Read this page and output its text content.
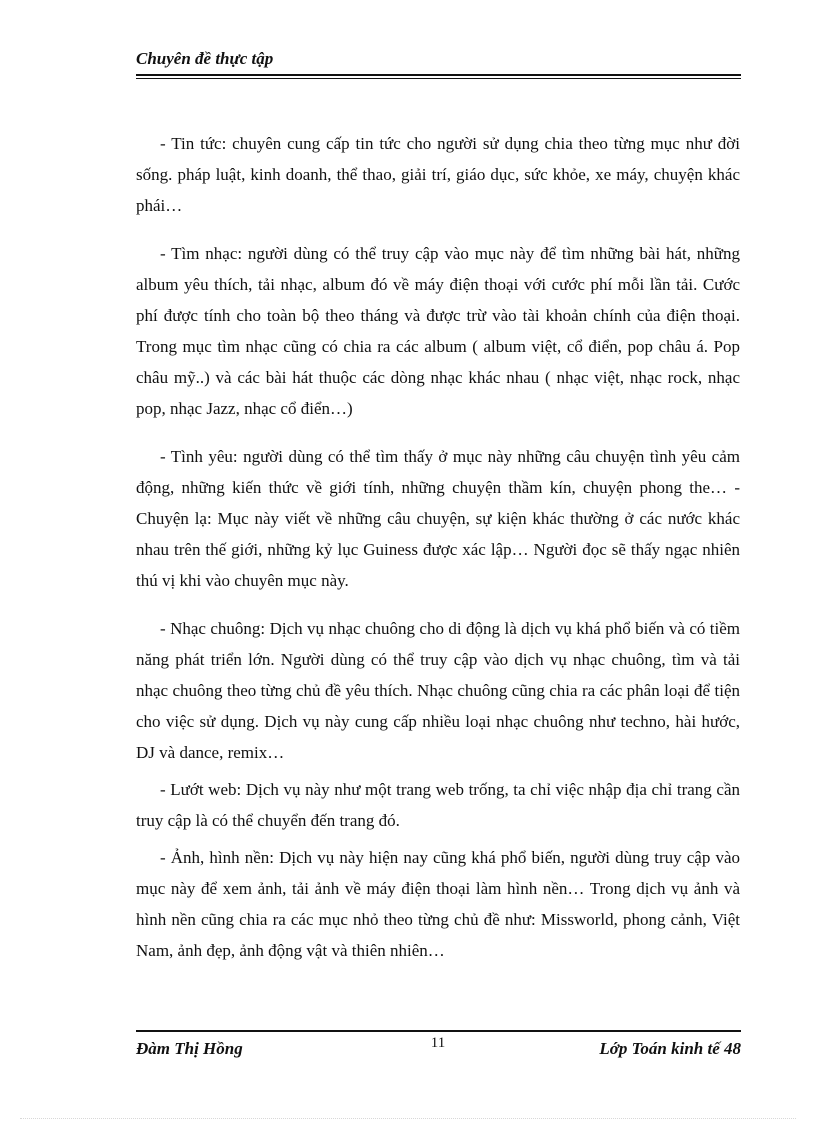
Chuyên đề thực tập

- Tin tức: chuyên cung cấp tin tức cho người sử dụng chia theo từng mục như đời sống. pháp luật, kinh doanh, thể thao, giải trí, giáo dục, sức khỏe, xe máy, chuyện khác phái…

- Tìm nhạc: người dùng có thể truy cập vào mục này để tìm những bài hát, những album yêu thích, tải nhạc, album đó về máy điện thoại với cước phí mỗi lần tải. Cước phí được tính cho toàn bộ theo tháng và được trừ vào tài khoản chính của điện thoại. Trong mục tìm nhạc cũng có chia ra các album ( album việt, cổ điển, pop châu á. Pop châu mỹ..) và các bài hát thuộc các dòng nhạc khác nhau ( nhạc việt, nhạc rock, nhạc pop, nhạc Jazz, nhạc cổ điển…)

- Tình yêu: người dùng có thể tìm thấy ở mục này những câu chuyện tình yêu cảm động, những kiến thức về giới tính, những chuyện thầm kín, chuyện phong the… - Chuyện lạ: Mục này viết về những câu chuyện, sự kiện khác thường ở các nước khác nhau trên thế giới, những kỷ lục Guiness được xác lập… Người đọc sẽ thấy ngạc nhiên thú vị khi vào chuyên mục này.

- Nhạc chuông: Dịch vụ nhạc chuông cho di động là dịch vụ khá phổ biến và có tiềm năng phát triển lớn. Người dùng có thể truy cập vào dịch vụ nhạc chuông, tìm và tải nhạc chuông theo từng chủ đề yêu thích. Nhạc chuông cũng chia ra các phân loại để tiện cho việc sử dụng. Dịch vụ này cung cấp nhiều loại nhạc chuông như techno, hài hước, DJ và dance, remix…

- Lướt web: Dịch vụ này như một trang web trống, ta chỉ việc nhập địa chỉ trang cần truy cập là có thể chuyển đến trang đó.

- Ảnh, hình nền: Dịch vụ này hiện nay cũng khá phổ biến, người dùng truy cập vào mục này để xem ảnh, tải ảnh về máy điện thoại làm hình nền… Trong dịch vụ ảnh và hình nền cũng chia ra các mục nhỏ theo từng chủ đề như: Missworld, phong cảnh, Việt Nam, ảnh đẹp, ảnh động vật và thiên nhiên…

Đàm Thị Hồng	11	Lớp Toán kinh tế 48
